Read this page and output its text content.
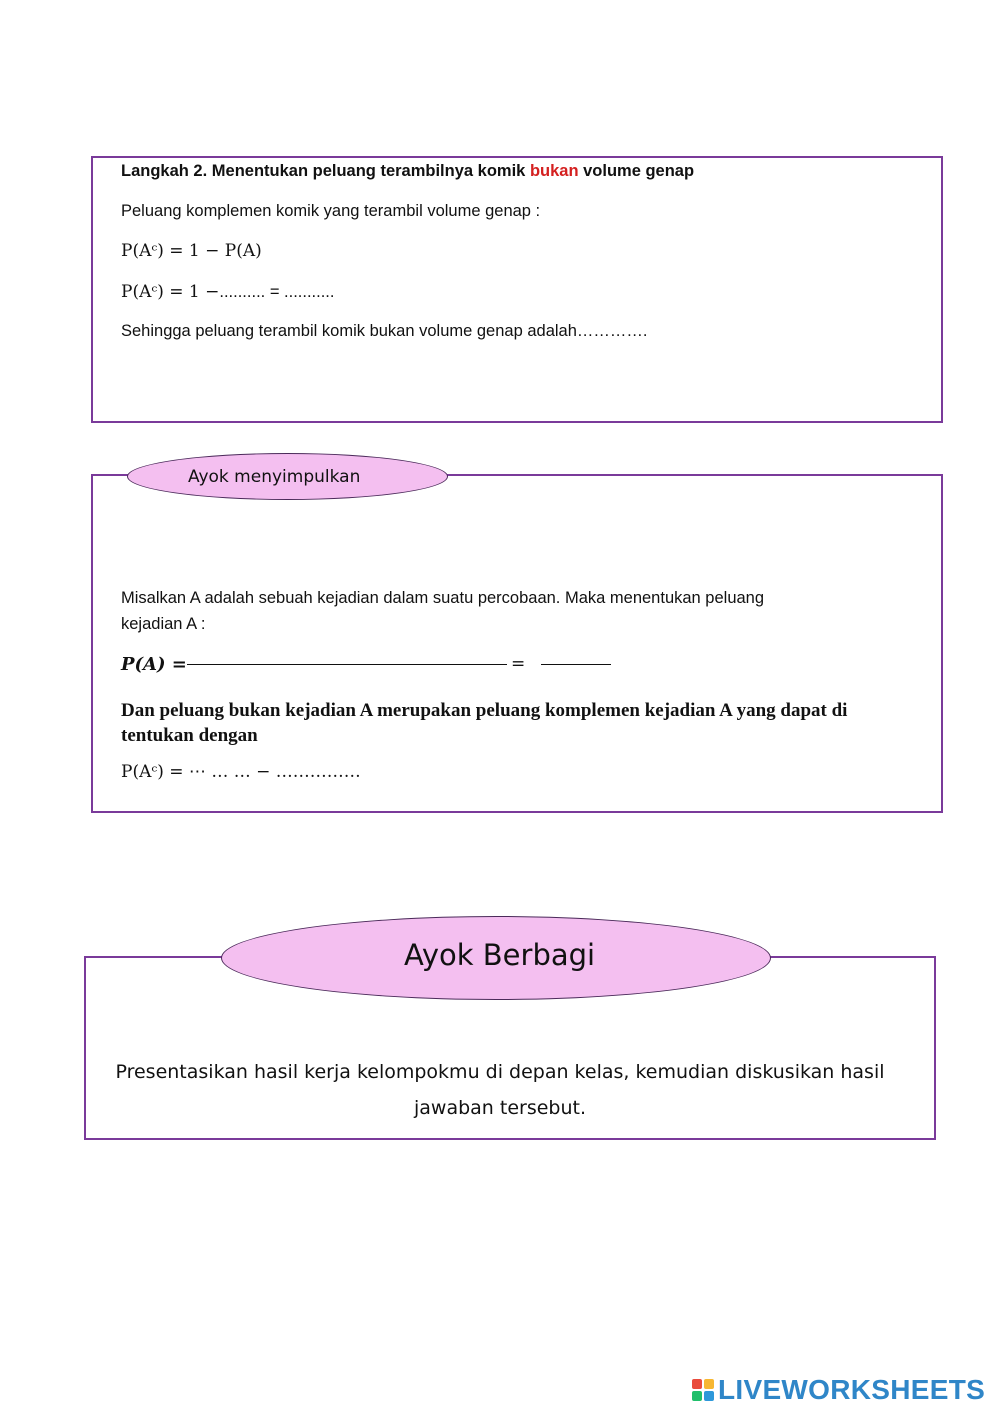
Langkah 2. Menentukan peluang terambilnya komik bukan volume genap
Peluang komplemen komik yang terambil volume genap :
P(Aᶜ) = 1 − P(A)
P(Aᶜ) = 1 −.......... = ...........
Sehingga peluang terambil komik bukan volume genap adalah………….
Ayok menyimpulkan
Misalkan A adalah sebuah kejadian dalam suatu percobaan. Maka menentukan peluang
kejadian A :
P(A) =	=
Dan peluang bukan kejadian A merupakan peluang komplemen kejadian A yang dapat di tentukan dengan
P(Aᶜ) = ⋯ … … − ……………
Ayok Berbagi
Presentasikan hasil kerja kelompokmu di depan kelas, kemudian diskusikan hasil jawaban tersebut.
LIVEWORKSHEETS
